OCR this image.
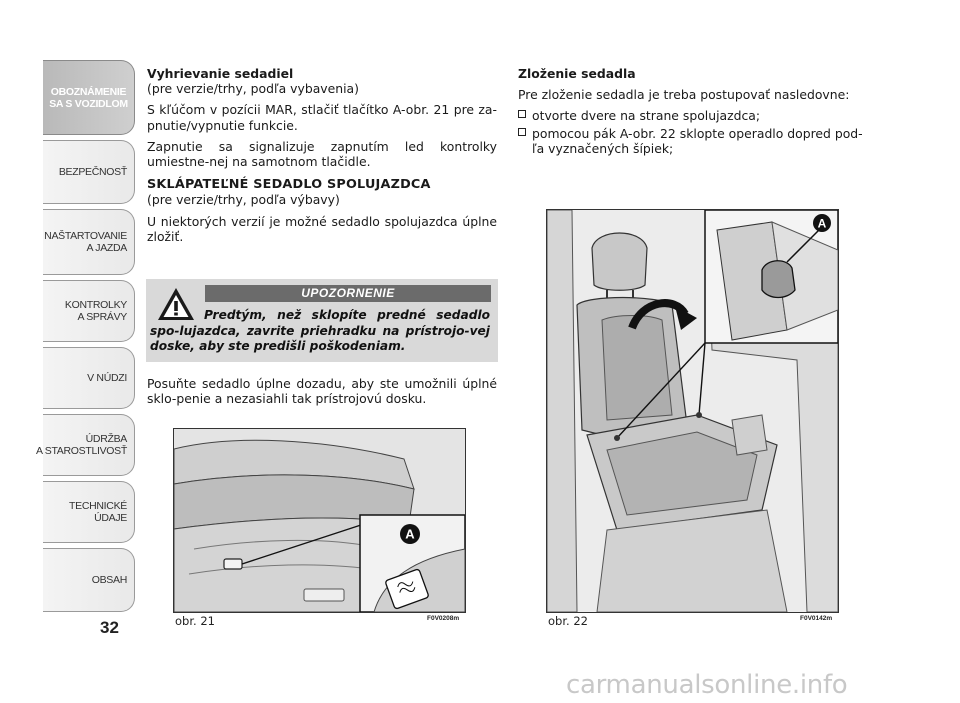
OBOZNÁMENIE
SA S VOZIDLOM
BEZPEČNOSŤ
NAŠTARTOVANIE
A JAZDA
KONTROLKY
A SPRÁVY
V NÚDZI
ÚDRŽBA
A STAROSTLIVOSŤ
TECHNICKÉ
ÚDAJE
OBSAH
32

Vyhrievanie sedadiel
(pre verzie/trhy, podľa vybavenia)

S kľúčom v pozícii MAR, stlačiť tlačítko A-obr. 21 pre za-pnutie/vypnutie funkcie.

Zapnutie sa signalizuje zapnutím led kontrolky umiestne-nej na samotnom tlačidle.

SKLÁPATEĽNÉ SEDADLO SPOLUJAZDCA
(pre verzie/trhy, podľa výbavy)

U niektorých verzií je možné sedadlo spolujazdca úplne zložiť.

UPOZORNENIE
Predtým, než sklopíte predné sedadlo spo-lujazdca, zavrite priehradku na prístrojo-vej doske, aby ste predišli poškodeniam.
Posuňte sedadlo úplne dozadu, aby ste umožnili úplné sklo-penie a nezasiahli tak prístrojovú dosku.
A
obr. 21	F0V0208m

Zloženie sedadla

Pre zloženie sedadla je treba postupovať nasledovne:

otvorte dvere na strane spolujazdca;
pomocou pák A-obr. 22 sklopte operadlo dopred pod-ľa vyznačených šípiek;
A
obr. 22	F0V0142m
carmanualsonline.info
